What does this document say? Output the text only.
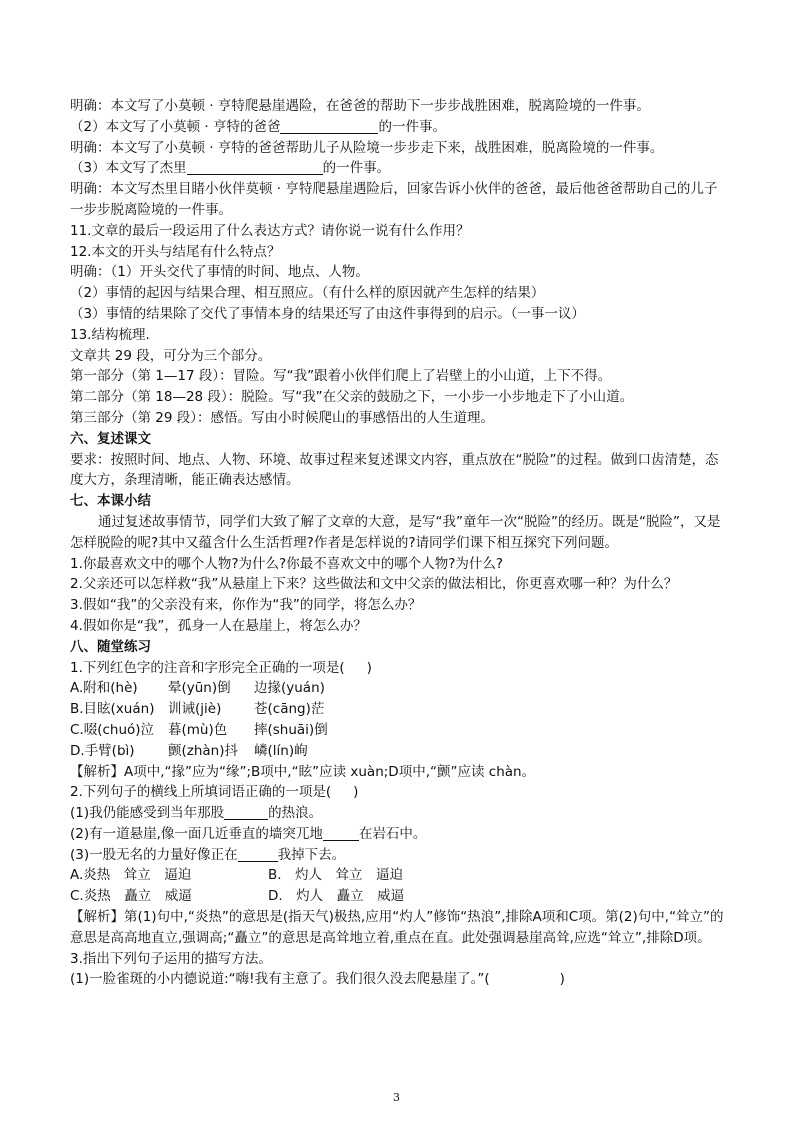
明确：本文写了小莫顿 · 亨特爬悬崖遇险，在爸爸的帮助下一步步战胜困难，脱离险境的一件事。
（2）本文写了小莫顿 · 亨特的爸爸	的一件事。
明确：本文写了小莫顿 · 亨特的爸爸帮助儿子从险境一步步走下来，战胜困难，脱离险境的一件事。
（3）本文写了杰里	的一件事。
明确：本文写杰里目睹小伙伴莫顿 · 亨特爬悬崖遇险后，回家告诉小伙伴的爸爸，最后他爸爸帮助自己的儿子一步步脱离险境的一件事。
11.文章的最后一段运用了什么表达方式？请你说一说有什么作用？
12.本文的开头与结尾有什么特点？
明确：（1）开头交代了事情的时间、地点、人物。
（2）事情的起因与结果合理、相互照应。（有什么样的原因就产生怎样的结果）
（3）事情的结果除了交代了事情本身的结果还写了由这件事得到的启示。（一事一议）
13.结构梳理.
文章共 29 段，可分为三个部分。
第一部分（第 1—17 段）：冒险。写“我”跟着小伙伴们爬上了岩壁上的小山道，上下不得。
第二部分（第 18—28 段）：脱险。写“我”在父亲的鼓励之下，一小步一小步地走下了小山道。
第三部分（第 29 段）：感悟。写由小时候爬山的事感悟出的人生道理。
六、复述课文
要求：按照时间、地点、人物、环境、故事过程来复述课文内容，重点放在“脱险”的过程。做到口齿清楚，态度大方，条理清晰，能正确表达感情。
七、本课小结
通过复述故事情节，同学们大致了解了文章的大意，是写“我”童年一次“脱险”的经历。既是“脱险”，又是怎样脱险的呢?其中又蕴含什么生活哲理?作者是怎样说的?请同学们课下相互探究下列问题。
1.你最喜欢文中的哪个人物?为什么?你最不喜欢文中的哪个人物?为什么?
2.父亲还可以怎样救“我”从悬崖上下来？这些做法和文中父亲的做法相比，你更喜欢哪一种？为什么？
3.假如“我”的父亲没有来，你作为“我”的同学，将怎么办？
4.假如你是“我”，孤身一人在悬崖上，将怎么办？
八、随堂练习
1.下列红色字的注音和字形完全正确的一项是( )
A.附和(hè) 晕(yūn)倒 边掾(yuán)
B.目眩(xuán) 训诫(jiè) 苍(cāng)茫
C.啜(chuó)泣 暮(mù)色 摔(shuāi)倒
D.手臂(bì) 颤(zhàn)抖 嶙(lín)峋
【解析】A项中,“掾”应为“缘”;B项中,“眩”应读 xuàn;D项中,“颤”应读 chàn。
2.下列句子的横线上所填词语正确的一项是( )
(1)我仍能感受到当年那股	的热浪。
(2)有一道悬崖,像一面几近垂直的墙突兀地	在岩石中。
(3)一股无名的力量好像正在	我掉下去。
A.炎热　耸立　逼迫	B.　灼人　耸立　逼迫
C.炎热　矗立　威逼	D.　灼人　矗立　威逼
【解析】第(1)句中,“炎热”的意思是(指天气)极热,应用“灼人”修饰“热浪”,排除A项和C项。第(2)句中,“耸立”的意思是高高地直立,强调高;“矗立”的意思是高耸地立着,重点在直。此处强调悬崖高耸,应选“耸立”,排除D项。
3.指出下列句子运用的描写方法。
(1)一脸雀斑的小内德说道:“嗨!我有主意了。我们很久没去爬悬崖了。”(	)
3
